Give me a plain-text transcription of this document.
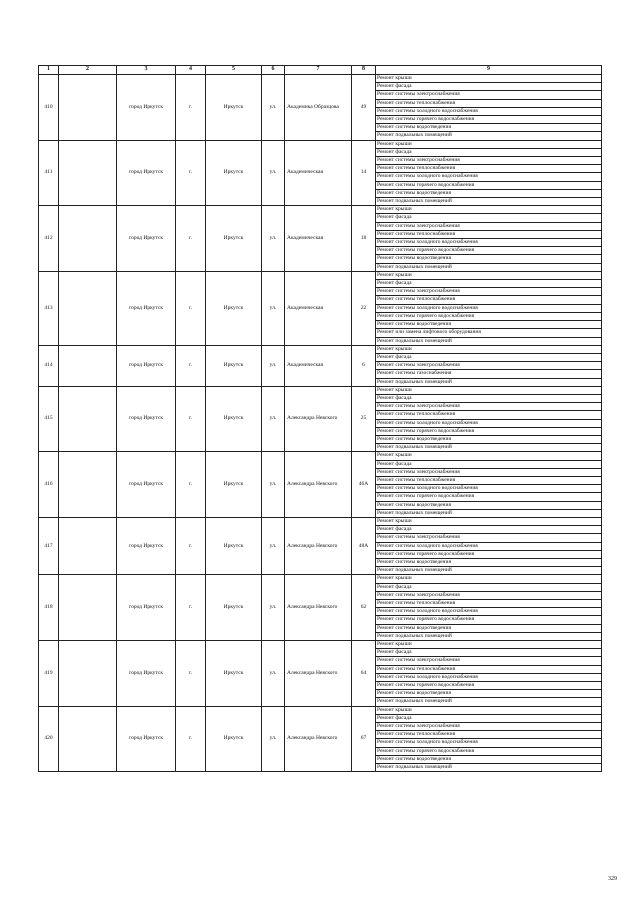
1	2	3	4	5	6	7	8	9
410		город Иркутск	г.	Иркутск	ул.	Академика Образцова	49	Ремонт крыши
								Ремонт фасада
								Ремонт системы электроснабжения
								Ремонт системы теплоснабжения
								Ремонт системы холодного водоснабжения
								Ремонт системы горячего водоснабжения
								Ремонт системы водоотведения
								Ремонт подвальных помещений
411		город Иркутск	г.	Иркутск	ул.	Академическая	14	Ремонт крыши
								Ремонт фасада
								Ремонт системы электроснабжения
								Ремонт системы теплоснабжения
								Ремонт системы холодного водоснабжения
								Ремонт системы горячего водоснабжения
								Ремонт системы водоотведения
								Ремонт подвальных помещений
412		город Иркутск	г.	Иркутск	ул.	Академическая	18	Ремонт крыши
								Ремонт фасада
								Ремонт системы электроснабжения
								Ремонт системы теплоснабжения
								Ремонт системы холодного водоснабжения
								Ремонт системы горячего водоснабжения
								Ремонт системы водоотведения
								Ремонт подвальных помещений
413		город Иркутск	г.	Иркутск	ул.	Академическая	22	Ремонт крыши
								Ремонт фасада
								Ремонт системы электроснабжения
								Ремонт системы теплоснабжения
								Ремонт системы холодного водоснабжения
								Ремонт системы горячего водоснабжения
								Ремонт системы водоотведения
								Ремонт или замена лифтового оборудования
								Ремонт подвальных помещений
414		город Иркутск	г.	Иркутск	ул.	Академическая	6	Ремонт крыши
								Ремонт фасада
								Ремонт системы электроснабжения
								Ремонт системы газоснабжения
								Ремонт подвальных помещений
415		город Иркутск	г.	Иркутск	ул.	Александра Невского	25	Ремонт крыши
								Ремонт фасада
								Ремонт системы электроснабжения
								Ремонт системы теплоснабжения
								Ремонт системы холодного водоснабжения
								Ремонт системы горячего водоснабжения
								Ремонт системы водоотведения
								Ремонт подвальных помещений
416		город Иркутск	г.	Иркутск	ул.	Александра Невского	46А	Ремонт крыши
								Ремонт фасада
								Ремонт системы электроснабжения
								Ремонт системы теплоснабжения
								Ремонт системы холодного водоснабжения
								Ремонт системы горячего водоснабжения
								Ремонт системы водоотведения
								Ремонт подвальных помещений
417		город Иркутск	г.	Иркутск	ул.	Александра Невского	48А	Ремонт крыши
								Ремонт фасада
								Ремонт системы электроснабжения
								Ремонт системы холодного водоснабжения
								Ремонт системы горячего водоснабжения
								Ремонт системы водоотведения
								Ремонт подвальных помещений
418		город Иркутск	г.	Иркутск	ул.	Александра Невского	62	Ремонт крыши
								Ремонт фасада
								Ремонт системы электроснабжения
								Ремонт системы теплоснабжения
								Ремонт системы холодного водоснабжения
								Ремонт системы горячего водоснабжения
								Ремонт системы водоотведения
								Ремонт подвальных помещений
419		город Иркутск	г.	Иркутск	ул.	Александра Невского	64	Ремонт крыши
								Ремонт фасада
								Ремонт системы электроснабжения
								Ремонт системы теплоснабжения
								Ремонт системы холодного водоснабжения
								Ремонт системы горячего водоснабжения
								Ремонт системы водоотведения
								Ремонт подвальных помещений
420		город Иркутск	г.	Иркутск	ул.	Александра Невского	67	Ремонт крыши
								Ремонт фасада
								Ремонт системы электроснабжения
								Ремонт системы теплоснабжения
								Ремонт системы холодного водоснабжения
								Ремонт системы горячего водоснабжения
								Ремонт системы водоотведения
								Ремонт подвальных помещений
329
